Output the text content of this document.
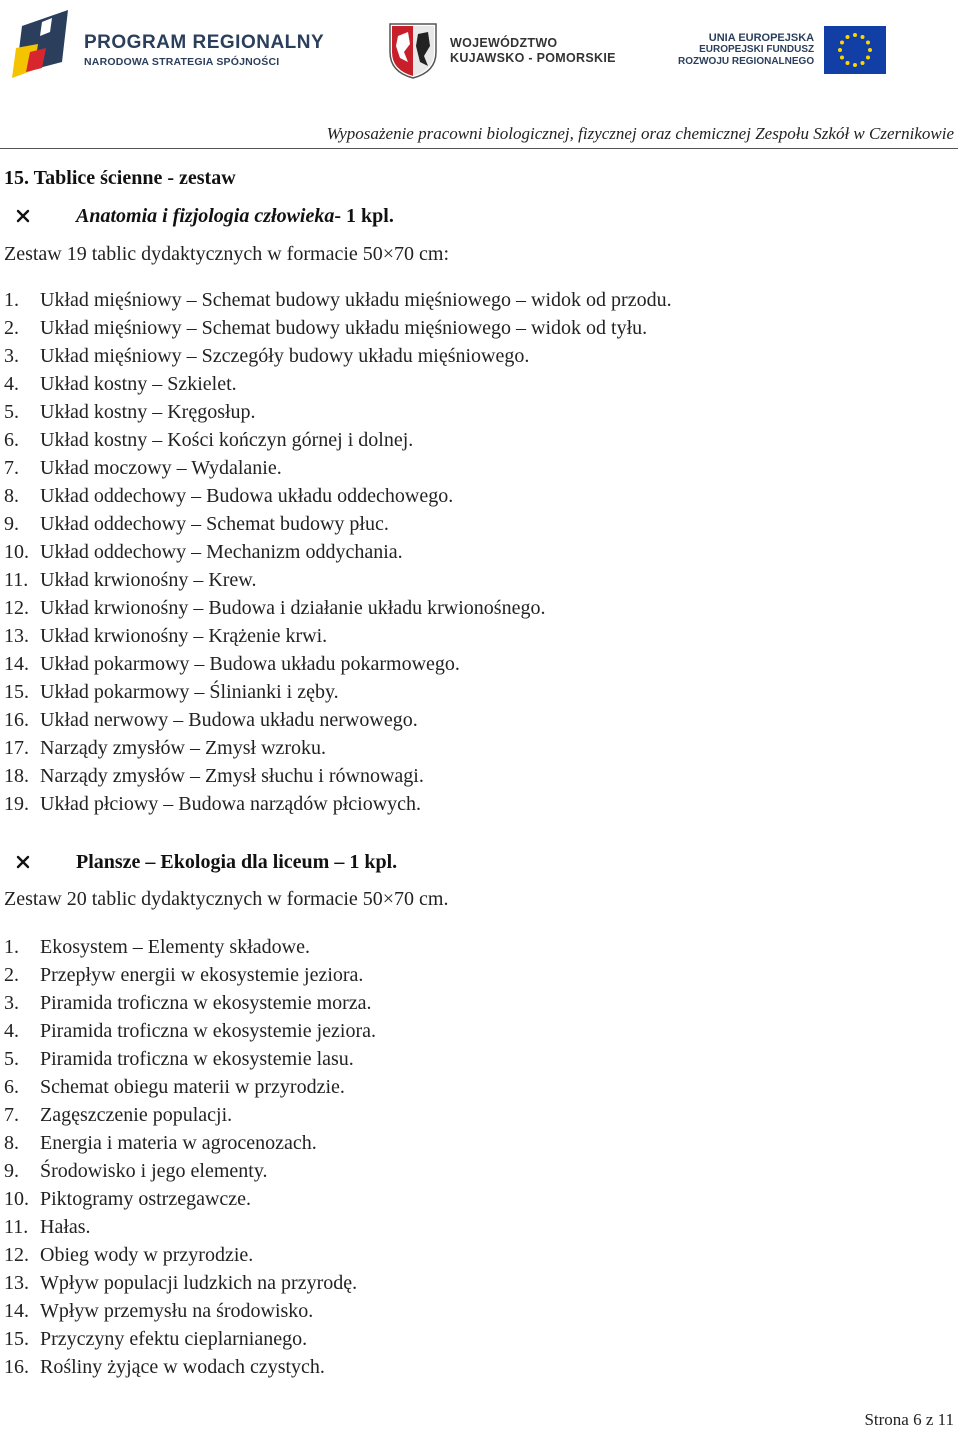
PROGRAM REGIONALNY
NARODOWA STRATEGIA SPÓJNOŚCI
WOJEWÓDZTWO
KUJAWSKO - POMORSKIE
UNIA EUROPEJSKA
EUROPEJSKI FUNDUSZ
ROZWOJU REGIONALNEGO
Wyposażenie pracowni biologicznej, fizycznej oraz chemicznej Zespołu Szkół w Czernikowie
15. Tablice ścienne - zestaw
Anatomia i fizjologia człowieka - 1 kpl.
Zestaw 19 tablic dydaktycznych w formacie 50×70 cm:
1.	Układ mięśniowy – Schemat budowy układu mięśniowego – widok od przodu.
2.	Układ mięśniowy – Schemat budowy układu mięśniowego – widok od tyłu.
3.	Układ mięśniowy – Szczegóły budowy układu mięśniowego.
4.	Układ kostny – Szkielet.
5.	Układ kostny – Kręgosłup.
6.	Układ kostny – Kości kończyn górnej i dolnej.
7.	Układ moczowy – Wydalanie.
8.	Układ oddechowy – Budowa układu oddechowego.
9.	Układ oddechowy – Schemat budowy płuc.
10. Układ oddechowy – Mechanizm oddychania.
11. Układ krwionośny – Krew.
12. Układ krwionośny – Budowa i działanie układu krwionośnego.
13. Układ krwionośny – Krążenie krwi.
14. Układ pokarmowy – Budowa układu pokarmowego.
15. Układ pokarmowy – Ślinianki i zęby.
16. Układ nerwowy – Budowa układu nerwowego.
17. Narządy zmysłów – Zmysł wzroku.
18. Narządy zmysłów – Zmysł słuchu i równowagi.
19. Układ płciowy – Budowa narządów płciowych.
Plansze – Ekologia dla liceum – 1 kpl.
Zestaw 20 tablic dydaktycznych w formacie 50×70 cm.
1.	Ekosystem – Elementy składowe.
2.	Przepływ energii w ekosystemie jeziora.
3.	Piramida troficzna w ekosystemie morza.
4.	Piramida troficzna w ekosystemie jeziora.
5.	Piramida troficzna w ekosystemie lasu.
6.	Schemat obiegu materii w przyrodzie.
7.	Zagęszczenie populacji.
8.	Energia i materia w agrocenozach.
9.	Środowisko i jego elementy.
10. Piktogramy ostrzegawcze.
11. Hałas.
12. Obieg wody w przyrodzie.
13. Wpływ populacji ludzkich na przyrodę.
14. Wpływ przemysłu na środowisko.
15. Przyczyny efektu cieplarnianego.
16. Rośliny żyjące w wodach czystych.
Strona 6 z 11
